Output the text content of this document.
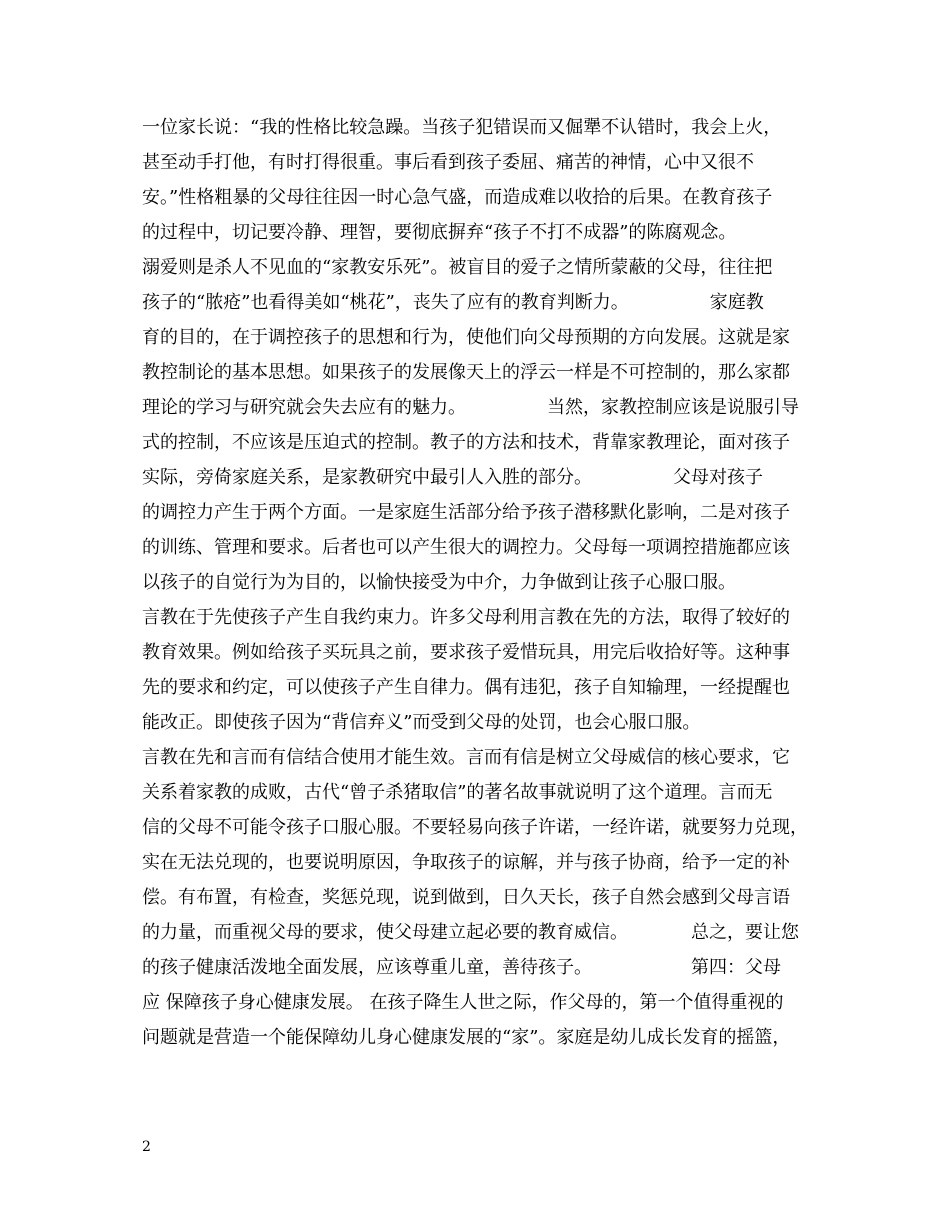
一位家长说：“我的性格比较急躁。当孩子犯错误而又倔犟不认错时，我会上火，
甚至动手打他，有时打得很重。事后看到孩子委屈、痛苦的神情，心中又很不
安。”性格粗暴的父母往往因一时心急气盛，而造成难以收拾的后果。在教育孩子
的过程中，切记要冷静、理智，要彻底摒弃“孩子不打不成器”的陈腐观念。
溺爱则是杀人不见血的“家教安乐死”。被盲目的爱子之情所蒙蔽的父母，往往把
孩子的“脓疮”也看得美如“桃花”，丧失了应有的教育判断力。　　　　　家庭教
育的目的，在于调控孩子的思想和行为，使他们向父母预期的方向发展。这就是家
教控制论的基本思想。如果孩子的发展像天上的浮云一样是不可控制的，那么家都
理论的学习与研究就会失去应有的魅力。　　　　　当然，家教控制应该是说服引导
式的控制，不应该是压迫式的控制。教子的方法和技术，背靠家教理论，面对孩子
实际，旁倚家庭关系，是家教研究中最引人入胜的部分。　　　　　父母对孩子
的调控力产生于两个方面。一是家庭生活部分给予孩子潜移默化影响，二是对孩子
的训练、管理和要求。后者也可以产生很大的调控力。父母每一项调控措施都应该
以孩子的自觉行为为目的，以愉快接受为中介，力争做到让孩子心服口服。
言教在于先使孩子产生自我约束力。许多父母利用言教在先的方法，取得了较好的
教育效果。例如给孩子买玩具之前，要求孩子爱惜玩具，用完后收拾好等。这种事
先的要求和约定，可以使孩子产生自律力。偶有违犯，孩子自知输理，一经提醒也
能改正。即使孩子因为“背信弃义”而受到父母的处罚，也会心服口服。
言教在先和言而有信结合使用才能生效。言而有信是树立父母威信的核心要求，它
关系着家教的成败，古代“曾子杀猪取信”的著名故事就说明了这个道理。言而无
信的父母不可能令孩子口服心服。不要轻易向孩子许诺，一经许诺，就要努力兑现，
实在无法兑现的，也要说明原因，争取孩子的谅解，并与孩子协商，给予一定的补
偿。有布置，有检查，奖惩兑现，说到做到，日久天长，孩子自然会感到父母言语
的力量，而重视父母的要求，使父母建立起必要的教育威信。　　　　总之，要让您
的孩子健康活泼地全面发展，应该尊重儿童，善待孩子。　　　　　　第四：父母
应 保障孩子身心健康发展。 在孩子降生人世之际，作父母的，第一个值得重视的
问题就是营造一个能保障幼儿身心健康发展的“家”。家庭是幼儿成长发育的摇篮，
2
